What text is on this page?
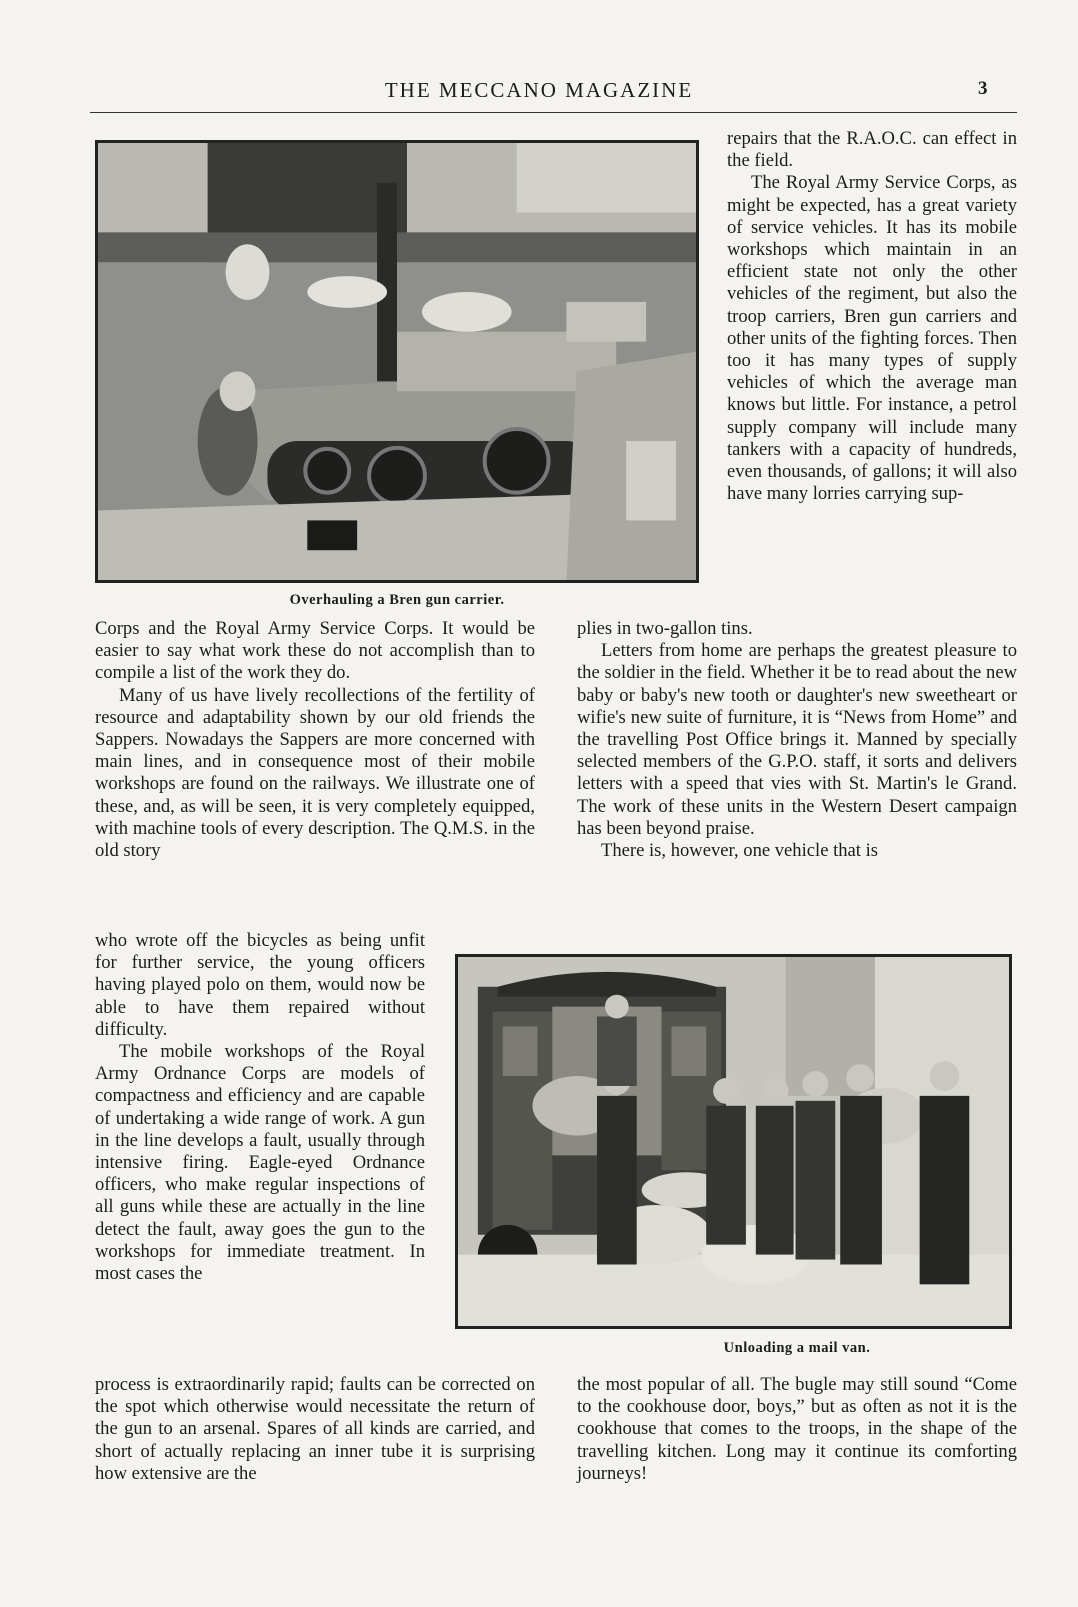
THE MECCANO MAGAZINE	3
Overhauling a Bren gun carrier.

repairs that the R.A.O.C. can effect in the field.

The Royal Army Service Corps, as might be expected, has a great variety of service vehicles. It has its mobile workshops which maintain in an efficient state not only the other vehicles of the regiment, but also the troop carriers, Bren gun carriers and other units of the fighting forces. Then too it has many types of supply vehicles of which the average man knows but little. For instance, a petrol supply company will include many tankers with a capacity of hundreds, even thousands, of gallons; it will also have many lorries carrying sup-

Corps and the Royal Army Service Corps. It would be easier to say what work these do not accomplish than to compile a list of the work they do.

Many of us have lively recollections of the fertility of resource and adaptability shown by our old friends the Sappers. Nowadays the Sappers are more concerned with main lines, and in consequence most of their mobile workshops are found on the railways. We illustrate one of these, and, as will be seen, it is very completely equipped, with machine tools of every description. The Q.M.S. in the old story

who wrote off the bicycles as being unfit for further service, the young officers having played polo on them, would now be able to have them repaired without difficulty.

The mobile workshops of the Royal Army Ordnance Corps are models of compactness and efficiency and are capable of undertaking a wide range of work. A gun in the line develops a fault, usually through intensive firing. Eagle-eyed Ordnance officers, who make regular inspections of all guns while these are actually in the line detect the fault, away goes the gun to the workshops for immediate treatment. In most cases the

process is extraordinarily rapid; faults can be corrected on the spot which otherwise would necessitate the return of the gun to an arsenal. Spares of all kinds are carried, and short of actually replacing an inner tube it is surprising how extensive are the

plies in two-gallon tins.

Letters from home are perhaps the greatest pleasure to the soldier in the field. Whether it be to read about the new baby or baby's new tooth or daughter's new sweetheart or wifie's new suite of furniture, it is “News from Home” and the travelling Post Office brings it. Manned by specially selected members of the G.P.O. staff, it sorts and delivers letters with a speed that vies with St. Martin's le Grand. The work of these units in the Western Desert campaign has been beyond praise.

There is, however, one vehicle that is

Unloading a mail van.

the most popular of all. The bugle may still sound “Come to the cookhouse door, boys,” but as often as not it is the cookhouse that comes to the troops, in the shape of the travelling kitchen. Long may it continue its comforting journeys!
